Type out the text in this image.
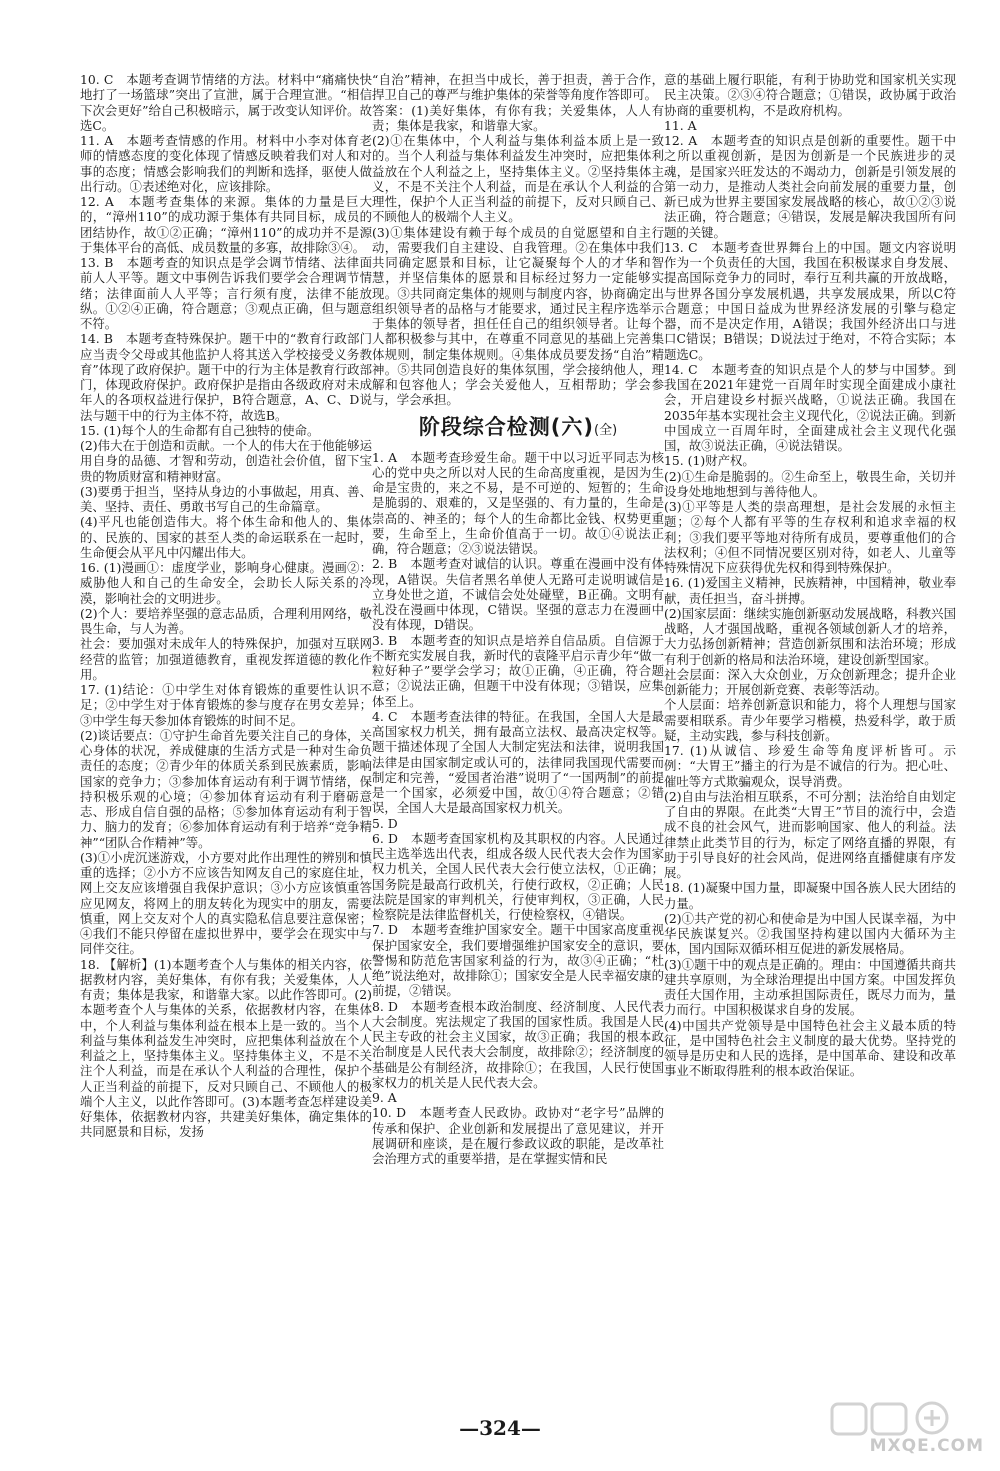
10. C　本题考查调节情绪的方法。材料中“痛痛快快地打了一场篮球”突出了宣泄，属于合理宣泄。“相信下次会更好”给自己积极暗示，属于改变认知评价。故选C。

11. A　本题考查情感的作用。材料中小李对体育老师的情感态度的变化体现了情感反映着我们对人和对事的态度；情感会影响我们的判断和选择，驱使人做出行动。①表述绝对化，应该排除。

12. A　本题考查集体的来源。集体的力量是巨大的，“漳州110”的成功源于集体有共同目标，成员的团结协作，故①②正确；“漳州110”的成功并不是源于集体平台的高低、成员数量的多寡，故排除③④。

13. B　本题考查的知识点是学会调节情绪、法律面前人人平等。题文中事例告诉我们要学会合理调节情绪；法律面前人人平等；言行须有度，法律不能放纵。①②④正确，符合题意；③观点正确，但与题意不符。

14. B　本题考查特殊保护。题干中的“教育行政部门应当责令父母或其他监护人将其送入学校接受义务教育”体现了政府保护。题干中的行为主体是教育行政部门，体现政府保护。政府保护是指由各级政府对未成年人的各项权益进行保护，B符合题意，A、C、D说法与题干中的行为主体不符，故选B。

15. (1)每个人的生命都有自己独特的使命。

(2)伟大在于创造和贡献。一个人的伟大在于他能够运用自身的品德、才智和劳动，创造社会价值，留下宝贵的物质财富和精神财富。

(3)要勇于担当，坚持从身边的小事做起，用真、善、美、坚持、责任、勇敢书写自己的生命篇章。

(4)平凡也能创造伟大。将个体生命和他人的、集体的、民族的、国家的甚至人类的命运联系在一起时，生命便会从平凡中闪耀出伟大。

16. (1)漫画①：虚度学业，影响身心健康。漫画②：威胁他人和自己的生命安全，会助长人际关系的冷漠，影响社会的文明进步。

(2)个人：要培养坚强的意志品质，合理利用网络，敬畏生命，与人为善。

社会：要加强对未成年人的特殊保护，加强对互联网经营的监管；加强道德教育，重视发挥道德的教化作用。

17. (1)结论：①中学生对体育锻炼的重要性认识不足；②中学生对于体育锻炼的参与度存在男女差异；③中学生每天参加体育锻炼的时间不足。

(2)谈话要点：①守护生命首先要关注自己的身体，关心身体的状况，养成健康的生活方式是一种对生命负责任的态度；②青少年的体质关系到民族素质，影响国家的竞争力；③参加体育运动有利于调节情绪，保持积极乐观的心境；④参加体育运动有利于磨砺意志、形成自信自强的品格；⑤参加体育运动有利于智力、脑力的发育；⑥参加体育运动有利于培养“竞争精神”“团队合作精神”等。

(3)①小虎沉迷游戏，小方要对此作出理性的辨别和慎重的选择；②小方不应该告知网友自己的家庭住址，网上交友应该增强自我保护意识；③小方应该慎重答应见网友，将网上的朋友转化为现实中的朋友，需要慎重，网上交友对个人的真实隐私信息要注意保密；④我们不能只停留在虚拟世界中，要学会在现实中与同伴交往。

18. 【解析】(1)本题考查个人与集体的相关内容，依据教材内容，美好集体，有你有我；关爱集体，人人有责；集体是我家，和谐靠大家。以此作答即可。(2)本题考查个人与集体的关系，依据教材内容，在集体中，个人利益与集体利益在根本上是一致的。当个人利益与集体利益发生冲突时，应把集体利益放在个人利益之上，坚持集体主义。坚持集体主义，不是不关注个人利益，而是在承认个人利益的合理性，保护个人正当利益的前提下，反对只顾自己、不顾他人的极端个人主义，以此作答即可。(3)本题考查怎样建设美好集体，依据教材内容，共建美好集体，确定集体的共同愿景和目标，发扬

“自治”精神，在担当中成长，善于担责，善于合作，捍卫自己的尊严与维护集体的荣誉等角度作答即可。

答案：(1)美好集体，有你有我；关爱集体，人人有责；集体是我家，和谐靠大家。

(2)①在集体中，个人利益与集体利益本质上是一致的。当个人利益与集体利益发生冲突时，应把集体利益放在个人利益之上，坚持集体主义。②坚持集体主义，不是不关注个人利益，而是在承认个人利益的合理性，保护个人正当利益的前提下，反对只顾自己、不顾他人的极端个人主义。

(3)①集体建设有赖于每个成员的自觉愿望和自主行动，需要我们自主建设、自我管理。②在集体中我们共同确定愿景和目标，让它凝聚每个人的才华和智慧，并坚信集体的愿景和目标经过努力一定能够实现。③共同商定集体的规则与制度内容，协商确定出组织领导者的品格与才能要求，通过民主程序选举示于集体的领导者，担任任自己的组织领导者。让每个人都积极参与其中，在尊重不同意见的基础上完善集体规则，制定集体规则。④集体成员要发扬“自治”精神。⑤共同创造良好的集体氛围，学会接纳他人，理解和包容他人；学会关爱他人，互相帮助；学会参与，学会承担。

阶段综合检测(六)(全)

1. A　本题考查珍爱生命。题干中以习近平同志为核心的党中央之所以对人民的生命高度重视，是因为生命是宝贵的，来之不易，是不可逆的、短暂的；生命是脆弱的、艰难的，又是坚强的、有力量的，生命是崇高的、神圣的；每个人的生命都比金钱、权势更重要，生命至上，生命价值高于一切。故①④说法正确，符合题意；②③说法错误。

2. B　本题考查对诚信的认识。尊重在漫画中没有体现，A错误。失信者黑名单使人无路可走说明诚信是立身处世之道，不诚信会处处碰壁，B正确。文明有礼没在漫画中体现，C错误。坚强的意志力在漫画中没有体现，D错误。

3. B　本题考查的知识点是培养自信品质。自信源于不断充实发展自我，新时代的袁隆平启示青少年“做一粒好种子”要学会学习；故①正确，④正确，符合题意；②说法正确，但题干中没有体现；③错误，应集体至上。

4. C　本题考查法律的特征。在我国，全国人大是最高国家权力机关，拥有最高立法权、最高决定权等。题干描述体现了全国人大制定宪法和法律，说明我国法律是由国家制定或认可的，法律同我国现代需要而制定和完善，“爱国者治港”说明了“一国两制”的前提是一个国家，必须爱中国，故①④符合题意；②错误，全国人大是最高国家权力机关。

5. D

6. D　本题考查国家机构及其职权的内容。人民通过民主选举选出代表，组成各级人民代表大会作为国家权力机关，全国人民代表大会行使立法权，①正确；国务院是最高行政机关，行使行政权，②正确；人民法院是国家的审判机关，行使审判权，③正确，人民检察院是法律监督机关，行使检察权，④错误。

7. D　本题考查维护国家安全。题干中国家高度重视保护国家安全，我们要增强维护国家安全的意识，要警惕和防范危害国家利益的行为，故③④正确；“杜绝”说法绝对，故排除①；国家安全是人民幸福安康的前提，②错误。

8. D　本题考查根本政治制度、经济制度、人民代表大会制度。宪法规定了我国的国家性质。我国是人民民主专政的社会主义国家，故③正确；我国的根本政治制度是人民代表大会制度，故排除②；经济制度的基础是公有制经济，故排除①；在我国，人民行使国家权力的机关是人民代表大会。

9. A

10. D　本题考查人民政协。政协对“老字号”品牌的传承和保护、企业创新和发展提出了意见建议，并开展调研和座谈，是在履行参政议政的职能，是改革社会治理方式的重要举措，是在掌握实情和民

意的基础上履行职能，有利于协助党和国家机关实现民主决策。②③④符合题意；①错误，政协属于政治协商的重要机构，不是政府机构。

11. A

12. A　本题考查的知识点是创新的重要性。题干中之所以重视创新，是因为创新是一个民族进步的灵魂，是国家兴旺发达的不竭动力，创新是引领发展的第一动力，是推动人类社会向前发展的重要力量，创新已成为世界主要国家发展战略的核心，故①②③说法正确，符合题意；④错误，发展是解决我国所有问题的关键。

13. C　本题考查世界舞台上的中国。题文内容说明作为一个负责任的大国，我国在积极谋求自身发展、提高国际竞争力的同时，奉行互利共赢的开放战略，与世界各国分享发展机遇，共享发展成果，所以C符合题意；中国日益成为世界经济发展的引擎与稳定器，而不是决定作用，A错误；我国外经济出口与进口C错误；B错误；D说法过于绝对，不符合实际；本题选C。

14. C　本题考查的知识点是个人的梦与中国梦。到我国在2021年建党一百周年时实现全面建成小康社会，开启建设乡村振兴战略，①说法正确。我国在2035年基本实现社会主义现代化，②说法正确。到新中国成立一百周年时，全面建成社会主义现代化强国，故③说法正确，④说法错误。

15. (1)财产权。

(2)①生命是脆弱的。②生命至上，敬畏生命，关切并设身处地地想到与善待他人。

(3)①平等是人类的崇高理想，是社会发展的永恒主题；②每个人都有平等的生存权利和追求幸福的权利；③我们要平等地对待所有成员，要尊重他们的合法权利；④但不同情况要区别对待，如老人、儿童等特殊情况下应获得优先权和得到特殊保护。

16. (1)爱国主义精神，民族精神，中国精神，敬业奉献，责任担当，奋斗拼搏。

(2)国家层面：继续实施创新驱动发展战略，科教兴国战略，人才强国战略，重视各领域创新人才的培养，大力弘扬创新精神；营造创新氛围和法治环境；形成有利于创新的格局和法治环境，建设创新型国家。

社会层面：深入大众创业，万众创新理念；提升企业创新能力；开展创新竞赛、表彰等活动。

个人层面：培养创新意识和能力，将个人理想与国家需要相联系。青少年要学习楷模，热爱科学，敢于质疑，主动实践，参与科技创新。

17. (1)从诚信、珍爱生命等角度评析皆可。示例：“大胃王”播主的行为是不诚信的行为。把心吐、催吐等方式欺骗观众，误导消费。

(2)自由与法治相互联系，不可分割；法治给自由划定了自由的界限。在此类“大胃王”节目的流行中，会造成不良的社会风气，进而影响国家、他人的利益。法律禁止此类节目的行为，标定了网络直播的界限，有助于引导良好的社会风尚，促进网络直播健康有序发展。

18. (1)凝聚中国力量，即凝聚中国各族人民大团结的力量。

(2)①共产党的初心和使命是为中国人民谋幸福，为中华民族谋复兴。②我国坚持构建以国内大循环为主体，国内国际双循环相互促进的新发展格局。

(3)①题干中的观点是正确的。理由：中国遵循共商共建共享原则，为全球治理提出中国方案。中国发挥负责任大国作用，主动承担国际责任，既尽力而为，量力而行。中国积极谋求自身的发展。

(4)中国共产党领导是中国特色社会主义最本质的特征，是中国特色社会主义制度的最大优势。坚持党的领导是历史和人民的选择，是中国革命、建设和改革事业不断取得胜利的根本政治保证。

—324—
MXQE.COM
